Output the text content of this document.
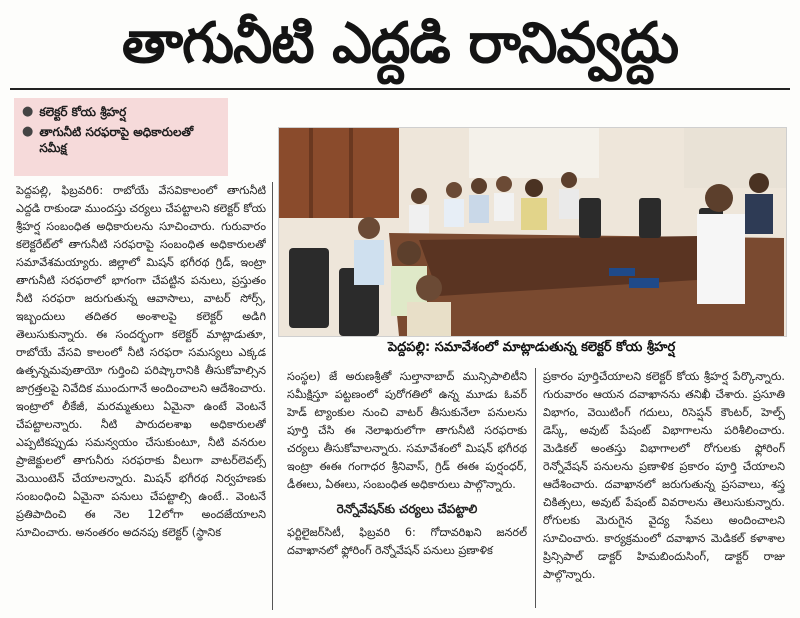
తాగునీటి ఎద్దడి రానివ్వద్దు
● కలెక్టర్ కోయ శ్రీహర్ష
● తాగునీటి సరఫరాపై అధికారులతో సమీక్ష
పెద్దపల్లి: సమావేశంలో మాట్లాడుతున్న కలెక్టర్ కోయ శ్రీహర్ష
పెద్దపల్లి, ఫిబ్రవరి6: రాబోయే వేసవికాలంలో తాగునీటి ఎద్దడి రాకుండా ముందస్తు చర్యలు చేపట్టాలని కలెక్టర్ కోయ శ్రీహర్ష సంబంధిత అధికారులను సూచించారు. గురువారం కలెక్టరేట్‌లో తాగునీటి సరఫరాపై సంబంధిత అధికారులతో సమావేశమయ్యారు. జిల్లాలో మిషన్ భగీరథ గ్రిడ్, ఇంట్రా తాగునీటి సరఫరాలో భాగంగా చేపట్టిన పనులు, ప్రస్తుతం నీటి సరఫరా జరుగుతున్న ఆవాసాలు, వాటర్ సోర్స్, ఇబ్బందులు తదితర అంశాలపై కలెక్టర్ అడిగి తెలుసుకున్నారు. ఈ సందర్భంగా కలెక్టర్ మాట్లాడుతూ, రాబోయే వేసవి కాలంలో నీటి సరఫరా సమస్యలు ఎక్కడ ఉత్పన్నమవుతాయో గుర్తించి పరిష్కారానికి తీసుకోవాల్సిన జాగ్రత్తలపై నివేదిక ముందుగానే అందించాలని ఆదేశించారు. ఇంట్రాలో లీకేజీ, మరమ్మతులు ఏమైనా ఉంటే వెంటనే చేపట్టాలన్నారు. నీటి పారుదలశాఖ అధికారులతో ఎప్పటికప్పుడు సమన్వయం చేసుకుంటూ, నీటి వనరుల ప్రాజెక్టులలో తాగునీరు సరఫరాకు వీలుగా వాటర్‌లెవల్స్ మెయింటెన్ చేయాలన్నారు. మిషన్ భగీరథ నిర్వహణకు సంబంధించి ఏమైనా పనులు చేపట్టాల్సి ఉంటే.. వెంటనే ప్రతిపాదించి ఈ నెల 12లోగా అందజేయాలని సూచించారు. అనంతరం అదనపు కలెక్టర్ (స్థానిక
సంస్థల) జే అరుణశ్రీతో సుల్తానాబాద్ మున్సిపాలిటీని సమీక్షిస్తూ పట్టణంలో పురోగతిలో ఉన్న మూడు ఓవర్ హెడ్ ట్యాంకుల నుంచి వాటర్ తీసుకునేలా పనులను పూర్తి చేసి ఈ నెలాఖరులోగా తాగునీటి సరఫరాకు చర్యలు తీసుకోవాలన్నారు. సమావేశంలో మిషన్ భగీరథ ఇంట్రా ఈఈ గంగాధర శ్రీనివాస్, గ్రిడ్ ఈఈ పుర్షంధర్, డీఈలు, ఏఈలు, సంబంధిత అధికారులు పాల్గొన్నారు.
రెన్నోవేషన్‌కు చర్యలు చేపట్టాలి
ఫర్టిలైజర్‌సిటీ, ఫిబ్రవరి 6: గోదావరిఖని జనరల్ దవాఖానలో ఫ్లోరింగ్ రెన్నోవేషన్ పనులు ప్రణాళిక
ప్రకారం పూర్తిచేయాలని కలెక్టర్ కోయ శ్రీహర్ష పేర్కొన్నారు. గురువారం ఆయన దవాఖానను తనిఖీ చేశారు. ప్రసూతి విభాగం, వెయిటింగ్ గదులు, రిసెప్షన్ కౌంటర్, హెల్ప్ డెస్క్, అవుట్ పేషంట్ విభాగాలను పరిశీలించారు. మెడికల్ అంతస్తు విభాగాలలో రోగులకు ఫ్లోరింగ్ రెన్నోవేషన్ పనులను ప్రణాళిక ప్రకారం పూర్తి చేయాలని ఆదేశించారు. దవాఖానలో జరుగుతున్న ప్రసవాలు, శస్త్ర చికిత్సలు, అవుట్ పేషంట్ వివరాలను తెలుసుకున్నారు. రోగులకు మెరుగైన వైద్య సేవలు అందించాలని సూచించారు. కార్యక్రమంలో దవాఖాన మెడికల్ కళాశాల ప్రిన్సిపాల్ డాక్టర్ హిమబిందుసింగ్, డాక్టర్ రాజు పాల్గొన్నారు.
